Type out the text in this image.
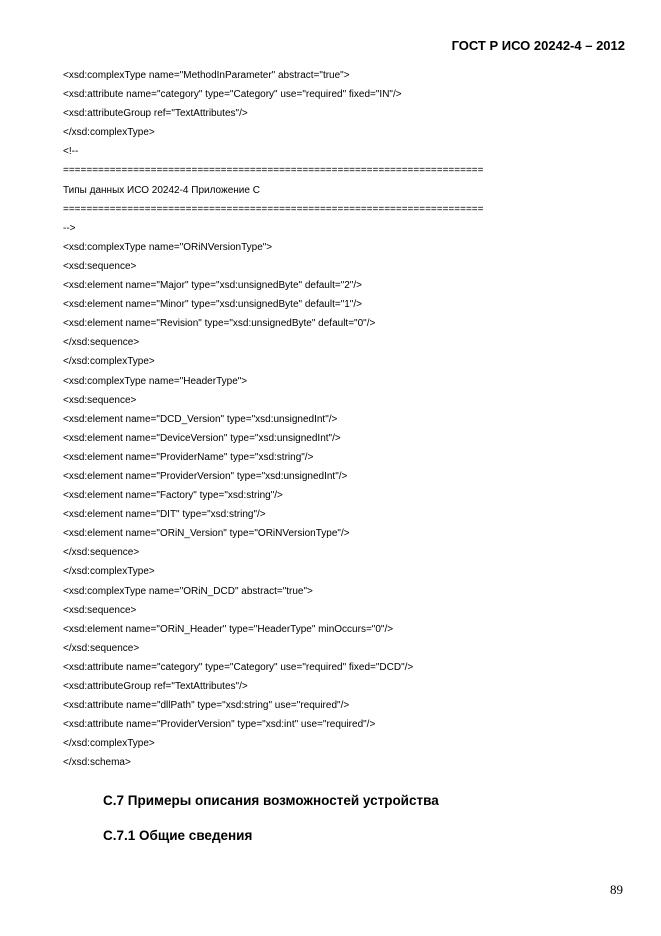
ГОСТ Р ИСО 20242-4 – 2012
<xsd:complexType name="MethodInParameter" abstract="true">
<xsd:attribute name="category" type="Category" use="required" fixed="IN"/>
<xsd:attributeGroup ref="TextAttributes"/>
</xsd:complexType>
<!--
========================================================================
Типы данных ИСО 20242-4 Приложение C
========================================================================
-->
<xsd:complexType name="ORiNVersionType">
<xsd:sequence>
<xsd:element name="Major" type="xsd:unsignedByte" default="2"/>
<xsd:element name="Minor" type="xsd:unsignedByte" default="1"/>
<xsd:element name="Revision" type="xsd:unsignedByte" default="0"/>
</xsd:sequence>
</xsd:complexType>
<xsd:complexType name="HeaderType">
<xsd:sequence>
<xsd:element name="DCD_Version" type="xsd:unsignedInt"/>
<xsd:element name="DeviceVersion" type="xsd:unsignedInt"/>
<xsd:element name="ProviderName" type="xsd:string"/>
<xsd:element name="ProviderVersion" type="xsd:unsignedInt"/>
<xsd:element name="Factory" type="xsd:string"/>
<xsd:element name="DIT" type="xsd:string"/>
<xsd:element name="ORiN_Version" type="ORiNVersionType"/>
</xsd:sequence>
</xsd:complexType>
<xsd:complexType name="ORiN_DCD" abstract="true">
<xsd:sequence>
<xsd:element name="ORiN_Header" type="HeaderType" minOccurs="0"/>
</xsd:sequence>
<xsd:attribute name="category" type="Category" use="required" fixed="DCD"/>
<xsd:attributeGroup ref="TextAttributes"/>
<xsd:attribute name="dllPath" type="xsd:string" use="required"/>
<xsd:attribute name="ProviderVersion" type="xsd:int" use="required"/>
</xsd:complexType>
</xsd:schema>
C.7 Примеры описания возможностей устройства
C.7.1 Общие сведения
89
